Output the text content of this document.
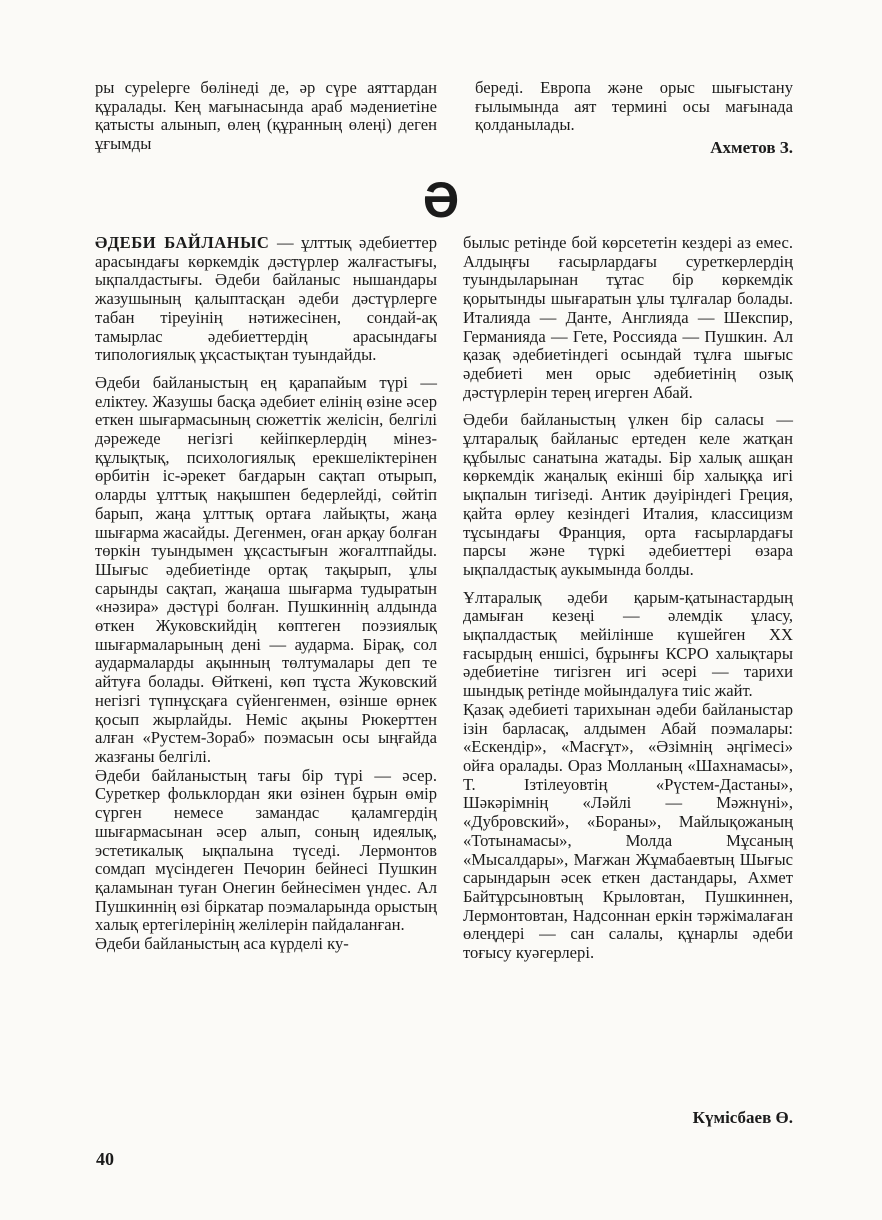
ры суреlерге бөлінеді де, әр сүре аяттардан құралады. Кең мағынасында араб мәдениетіне қатысты алынып, өлең (құранның өлеңі) деген ұғымды

береді. Европа және орыс шығыстану ғылымында аят термині осы мағынада қолданылады.

Ахметов З.
Ә

ӘДЕБИ БАЙЛАНЫС — ұлттық әдебиеттер арасындағы көркемдік дәстүрлер жалғастығы, ықпалдастығы. Әдеби байланыс нышандары жазушының қалыптасқан әдеби дәстүрлерге табан тіреуінің нәтижесінен, сондай-ақ тамырлас әдебиеттердің арасындағы типологиялық ұқсастықтан туындайды.

Әдеби байланыстың ең қарапайым түрі — еліктеу. Жазушы басқа әдебиет елінің өзіне әсер еткен шығармасының сюжеттік желісін, белгілі дәрежеде негізгі кейіпкерлердің мінез-құлықтық, психологиялық ерекшеліктерінен өрбитін іс-әрекет бағдарын сақтап отырып, оларды ұлттық нақышпен бедерлейді, сөйтіп барып, жаңа ұлттық ортаға лайықты, жаңа шығарма жасайды. Дегенмен, оған арқау болған төркін туындымен ұқсастығын жоғалтпайды. Шығыс әдебиетінде ортақ тақырып, ұлы сарынды сақтап, жаңаша шығарма тудыратын «нәзира» дәстүрі болған. Пушкиннің алдында өткен Жуковскийдің көптеген поэзиялық шығармаларының дені — аударма. Бірақ, сол аудармаларды ақынның төлтумалары деп те айтуға болады. Өйткені, көп тұста Жуковский негізгі түпнұсқаға сүйенгенмен, өзінше өрнек қосып жырлайды. Неміс ақыны Рюкерттен алған «Рустем-Зораб» поэмасын осы ыңғайда жазғаны белгілі.

Әдеби байланыстың тағы бір түрі — әсер. Суреткер фольклордан яки өзінен бұрын өмір сүрген немесе замандас қаламгердің шығармасынан әсер алып, соның идеялық, эстетикалық ықпалына түседі. Лермонтов сомдап мүсіндеген Печорин бейнесі Пушкин қаламынан туған Онегин бейнесімен үндес. Ал Пушкиннің өзі біркатар поэмаларында орыстың халық ертегілерінің желілерін пайдаланған.

Әдеби байланыстың аса күрделі ку-

былыс ретінде бой көрсететін кездері аз емес. Алдыңғы ғасырлардағы суреткерлердің туындыларынан тұтас бір көркемдік қорытынды шығаратын ұлы тұлғалар болады. Италияда — Данте, Англияда — Шекспир, Германияда — Гете, Россияда — Пушкин. Ал қазақ әдебиетіндегі осындай тұлға шығыс әдебиеті мен орыс әдебиетінің озық дәстүрлерін терең игерген Абай.

Әдеби байланыстың үлкен бір саласы — ұлтаралық байланыс ертеден келе жатқан құбылыс санатына жатады. Бір халық ашқан көркемдік жаңалық екінші бір халыққа игі ықпалын тигізеді. Антик дәуіріндегі Греция, қайта өрлеу кезіндегі Италия, классицизм тұсындағы Франция, орта ғасырлардағы парсы және түркі әдебиеттері өзара ықпалдастық аукымында болды.

Ұлтаралық әдеби қарым-қатынастардың дамыған кезеңі — әлемдік ұласу, ықпалдастық мейілінше күшейген XX ғасырдың еншісі, бұрынғы КСРО халықтары әдебиетіне тигізген игі әсері — тарихи шындық ретінде мойындалуға тиіс жайт.

Қазақ әдебиеті тарихынан әдеби байланыстар ізін барласақ, алдымен Абай поэмалары: «Ескендір», «Масғұт», «Әзімнің әңгімесі» ойға оралады. Ораз Молланың «Шахнамасы», Т. Ізтілеуовтің «Рүстем-Дастаны», Шәкәрімнің «Ләйлі — Мәжнүні», «Дубровский», «Бораны», Майлықожаның «Тотынамасы», Молда Мұсаның «Мысалдары», Мағжан Жұмабаевтың Шығыс сарындарын әсек еткен дастандары, Ахмет Байтұрсыновтың Крыловтан, Пушкиннен, Лермонтовтан, Надсоннан еркін тәржімалаған өлеңдері — сан салалы, құнарлы әдеби тоғысу куәгерлері.

Күмісбаев Ө.
40
